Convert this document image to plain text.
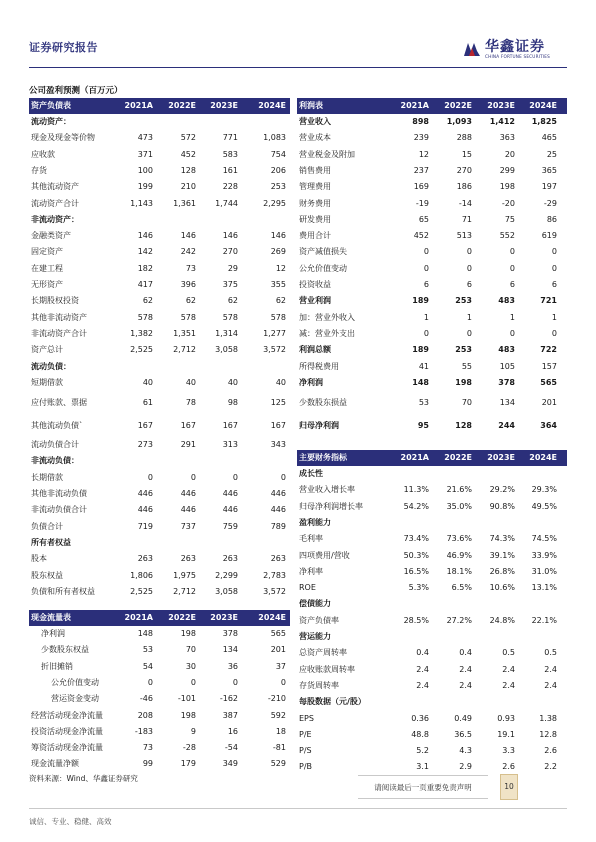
证券研究报告	华鑫证券
CHINA FORTUNE SECURITIES
公司盈利预测（百万元）
资产负债表	2021A 2022E 2023E	2024E
流动资产：
现金及现金等价物	473	572	771	1,083
应收款	371	452	583	754
存货	100	128	161	206
其他流动资产	199	210	228	253
流动资产合计	1,143	1,361 1,744	2,295
非流动资产：
金融类资产	146	146	146	146
固定资产	142	242	270	269
在建工程	182	73	29	12
无形资产	417	396	375	355
长期股权投资	62	62	62	62
其他非流动资产	578	578	578	578
非流动资产合计	1,382	1,351 1,314	1,277
资产总计	2,525	2,712 3,058	3,572
流动负债：
短期借款	40	40	40	40
应付账款、票据	61	78	98	125
其他流动负债`	167	167	167	167
流动负债合计	273	291	313	343
非流动负债：
长期借款	0	0	0	0
其他非流动负债	446	446	446	446
非流动负债合计	446	446	446	446
负债合计	719	737	759	789
所有者权益
股本	263	263	263	263
股东权益	1,806	1,975 2,299	2,783
负债和所有者权益	2,525	2,712 3,058	3,572
利润表	2021A 2022E 2023E 2024E
营业收入	898 1,093 1,412 1,825
营业成本	239	288	363	465
营业税金及附加	12	15	20	25
销售费用	237	270	299	365
管理费用	169	186	198	197
财务费用	-19	-14	-20	-29
研发费用	65	71	75	86
费用合计	452	513	552	619
资产减值损失	0	0	0	0
公允价值变动	0	0	0	0
投资收益	6	6	6	6
营业利润	189	253	483	721
加：营业外收入	1	1	1	1
减：营业外支出	0	0	0	0
利润总额	189	253	483	722
所得税费用	41	55	105	157
净利润	148	198	378	565
少数股东损益	53	70	134	201
归母净利润	95	128	244	364
主要财务指标	2021A 2022E 2023E 2024E
成长性
营业收入增长率	11.3% 21.6% 29.2% 29.3%
归母净利润增长率	54.2% 35.0% 90.8% 49.5%
盈利能力
毛利率	73.4% 73.6% 74.3% 74.5%
四项费用/营收	50.3% 46.9% 39.1% 33.9%
净利率	16.5% 18.1% 26.8% 31.0%
ROE	5.3%	6.5% 10.6% 13.1%
偿债能力
资产负债率	28.5% 27.2% 24.8% 22.1%
营运能力
总资产周转率	0.4	0.4	0.5	0.5
应收账款周转率	2.4	2.4	2.4	2.4
存货周转率	2.4	2.4	2.4	2.4
每股数据（元/股）
EPS	0.36	0.49	0.93	1.38
P/E	48.8	36.5	19.1	12.8
P/S	5.2	4.3	3.3	2.6
P/B	3.1	2.9	2.6	2.2
现金流量表	2021A 2022E 2023E	2024E
净利润	148	198	378	565
少数股东权益	53	70	134	201
折旧摊销	54	30	36	37
公允价值变动	0	0	0	0
营运资金变动	-46	-101	-162	-210
经营活动现金净流量	208	198	387	592
投资活动现金净流量	-183	9	16	18
筹资活动现金净流量	73	-28	-54	-81
现金流量净额	99	179	349	529
资料来源：Wind、华鑫证券研究
请阅读最后一页重要免责声明	10
诚信、专业、稳健、高效
